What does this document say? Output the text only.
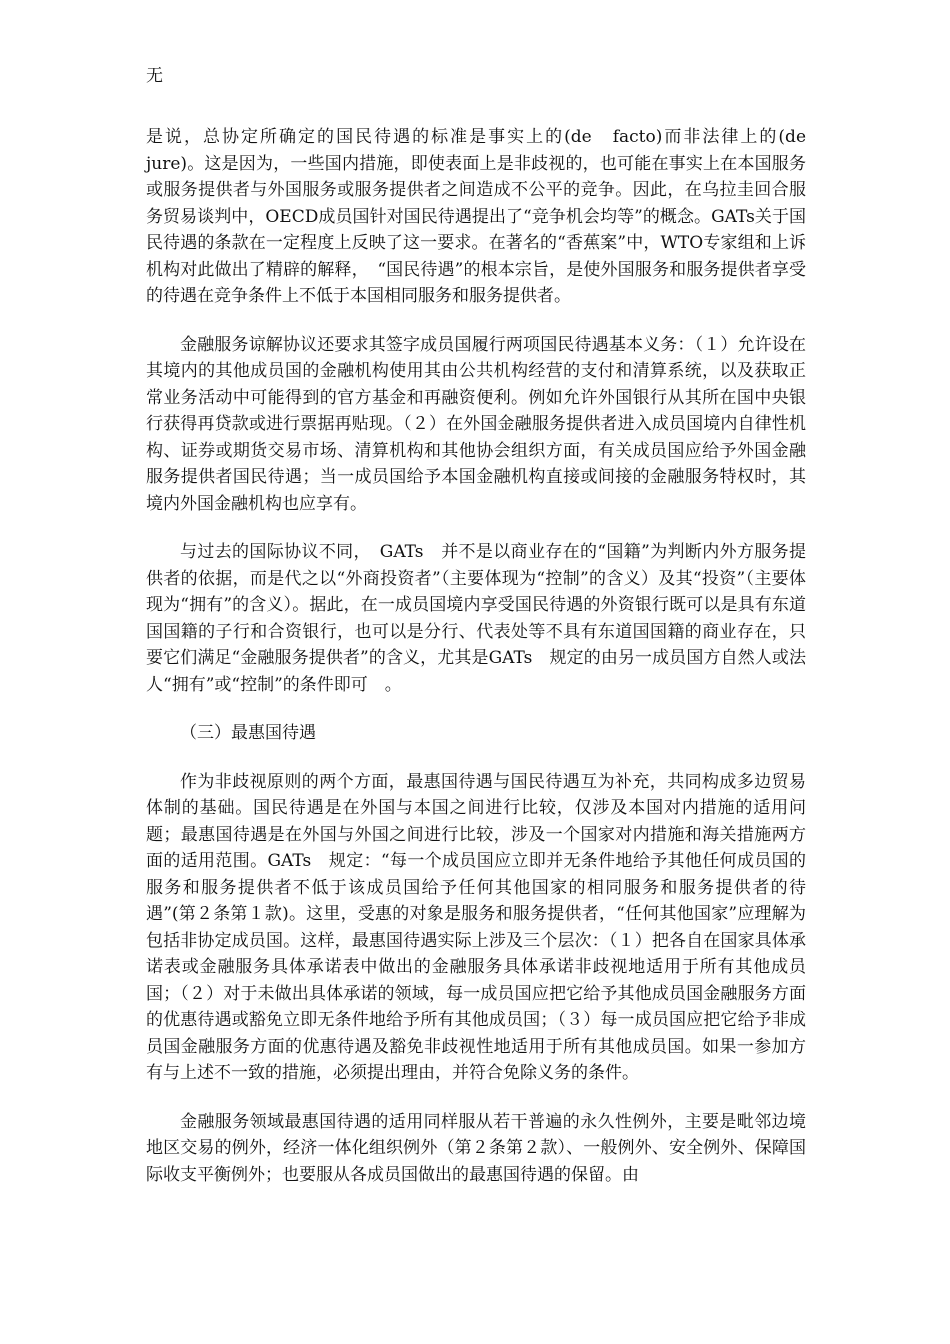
无

是说，总协定所确定的国民待遇的标准是事实上的(de　facto)而非法律上的(de jure)。这是因为，一些国内措施，即使表面上是非歧视的，也可能在事实上在本国服务或服务提供者与外国服务或服务提供者之间造成不公平的竞争。因此，在乌拉圭回合服务贸易谈判中，OECD成员国针对国民待遇提出了“竞争机会均等”的概念。GATs关于国民待遇的条款在一定程度上反映了这一要求。在著名的“香蕉案”中，WTO专家组和上诉机构对此做出了精辟的解释，　“国民待遇”的根本宗旨，是使外国服务和服务提供者享受的待遇在竞争条件上不低于本国相同服务和服务提供者。

金融服务谅解协议还要求其签字成员国履行两项国民待遇基本义务：（１）允许设在其境内的其他成员国的金融机构使用其由公共机构经营的支付和清算系统，以及获取正常业务活动中可能得到的官方基金和再融资便利。例如允许外国银行从其所在国中央银行获得再贷款或进行票据再贴现。（２）在外国金融服务提供者进入成员国境内自律性机构、证券或期货交易市场、清算机构和其他协会组织方面，有关成员国应给予外国金融服务提供者国民待遇；当一成员国给予本国金融机构直接或间接的金融服务特权时，其境内外国金融机构也应享有。

与过去的国际协议不同，　GATs　并不是以商业存在的“国籍”为判断内外方服务提供者的依据，而是代之以“外商投资者”（主要体现为“控制”的含义）及其“投资”（主要体现为“拥有”的含义）。据此，在一成员国境内享受国民待遇的外资银行既可以是具有东道国国籍的子行和合资银行，也可以是分行、代表处等不具有东道国国籍的商业存在，只要它们满足“金融服务提供者”的含义，尤其是GATs　规定的由另一成员国方自然人或法人“拥有”或“控制”的条件即可　。

（三）最惠国待遇

作为非歧视原则的两个方面，最惠国待遇与国民待遇互为补充，共同构成多边贸易体制的基础。国民待遇是在外国与本国之间进行比较，仅涉及本国对内措施的适用问题；最惠国待遇是在外国与外国之间进行比较，涉及一个国家对内措施和海关措施两方面的适用范围。GATs　规定：“每一个成员国应立即并无条件地给予其他任何成员国的服务和服务提供者不低于该成员国给予任何其他国家的相同服务和服务提供者的待遇”(第２条第１款)。这里，受惠的对象是服务和服务提供者，“任何其他国家”应理解为包括非协定成员国。这样，最惠国待遇实际上涉及三个层次：（１）把各自在国家具体承诺表或金融服务具体承诺表中做出的金融服务具体承诺非歧视地适用于所有其他成员国；（２）对于未做出具体承诺的领域，每一成员国应把它给予其他成员国金融服务方面的优惠待遇或豁免立即无条件地给予所有其他成员国；（３）每一成员国应把它给予非成员国金融服务方面的优惠待遇及豁免非歧视性地适用于所有其他成员国。如果一参加方有与上述不一致的措施，必须提出理由，并符合免除义务的条件。

金融服务领域最惠国待遇的适用同样服从若干普遍的永久性例外，主要是毗邻边境地区交易的例外，经济一体化组织例外（第２条第２款）、一般例外、安全例外、保障国际收支平衡例外；也要服从各成员国做出的最惠国待遇的保留。由
